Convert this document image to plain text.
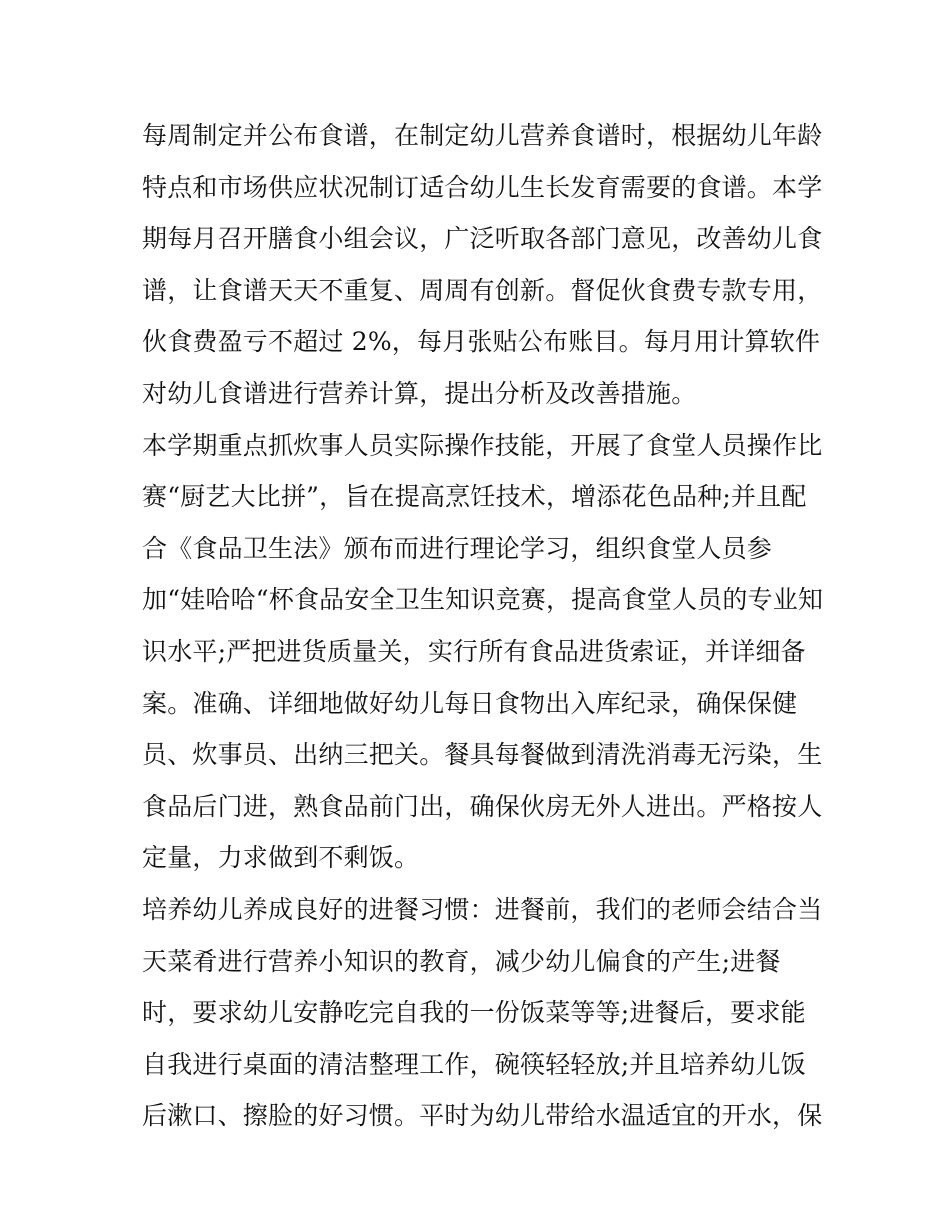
每周制定并公布食谱，在制定幼儿营养食谱时，根据幼儿年龄
特点和市场供应状况制订适合幼儿生长发育需要的食谱。本学
期每月召开膳食小组会议，广泛听取各部门意见，改善幼儿食
谱，让食谱天天不重复、周周有创新。督促伙食费专款专用，
伙食费盈亏不超过 2%，每月张贴公布账目。每月用计算软件
对幼儿食谱进行营养计算，提出分析及改善措施。
本学期重点抓炊事人员实际操作技能，开展了食堂人员操作比
赛“厨艺大比拼”，旨在提高烹饪技术，增添花色品种;并且配
合《食品卫生法》颁布而进行理论学习，组织食堂人员参
加“娃哈哈“杯食品安全卫生知识竞赛，提高食堂人员的专业知
识水平;严把进货质量关，实行所有食品进货索证，并详细备
案。准确、详细地做好幼儿每日食物出入库纪录，确保保健
员、炊事员、出纳三把关。餐具每餐做到清洗消毒无污染，生
食品后门进，熟食品前门出，确保伙房无外人进出。严格按人
定量，力求做到不剩饭。
培养幼儿养成良好的进餐习惯：进餐前，我们的老师会结合当
天菜肴进行营养小知识的教育，减少幼儿偏食的产生;进餐
时，要求幼儿安静吃完自我的一份饭菜等等;进餐后，要求能
自我进行桌面的清洁整理工作，碗筷轻轻放;并且培养幼儿饭
后漱口、擦脸的好习惯。平时为幼儿带给水温适宜的开水，保
